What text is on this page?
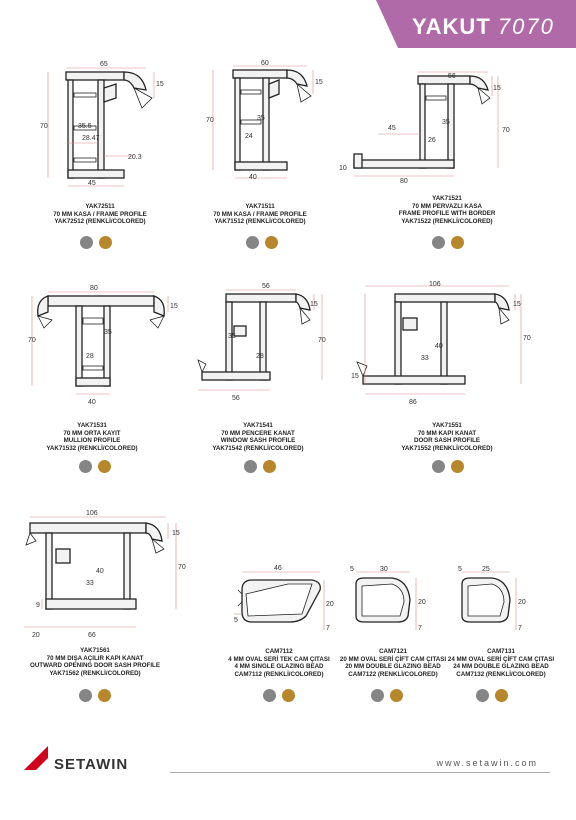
YAKUT 7070
65
15
70	35.5
28.47
20.3
45
YAK72511
70 MM KASA / FRAME PROFILE
YAK72512 (RENKLİ/COLORED)
60
15
70	35
24
40
YAK71511
70 MM KASA / FRAME PROFILE
YAK71512 (RENKLİ/COLORED)
56
15
45
35
26
70
10
80
YAK71521
70 MM PERVAZLI KASA
FRAME PROFILE WITH BORDER
YAK71522 (RENKLİ/COLORED)
80
15
70
35
28
40
YAK71531
70 MM ORTA KAYIT
MULLION PROFILE
YAK71532 (RENKLİ/COLORED)
56
15
70
35
28
56
YAK71541
70 MM PENCERE KANAT
WINDOW SASH PROFILE
YAK71542 (RENKLİ/COLORED)
106
15
70
40
33
15
86
YAK71551
70 MM KAPI KANAT
DOOR SASH PROFILE
YAK71552 (RENKLİ/COLORED)
106
15
70
40
33
9
20	66
YAK71561
70 MM DIŞA AÇILIR KAPI KANAT
OUTWARD OPENING DOOR SASH PROFILE
YAK71562 (RENKLİ/COLORED)
46
20
5
7
CAM7112
4 MM OVAL SERİ TEK CAM ÇITASI
4 MM SINGLE GLAZING BEAD
CAM7112 (RENKLİ/COLORED)
5	30
20
7
CAM7121
20 MM OVAL SERİ ÇİFT CAM ÇITASI
20 MM DOUBLE GLAZING BEAD
CAM7122 (RENKLİ/COLORED)
5	25
20
7
CAM7131
24 MM OVAL SERİ ÇİFT CAM ÇITASI
24 MM DOUBLE GLAZING BEAD
CAM7132 (RENKLİ/COLORED)
SETAWIN	www.setawin.com
